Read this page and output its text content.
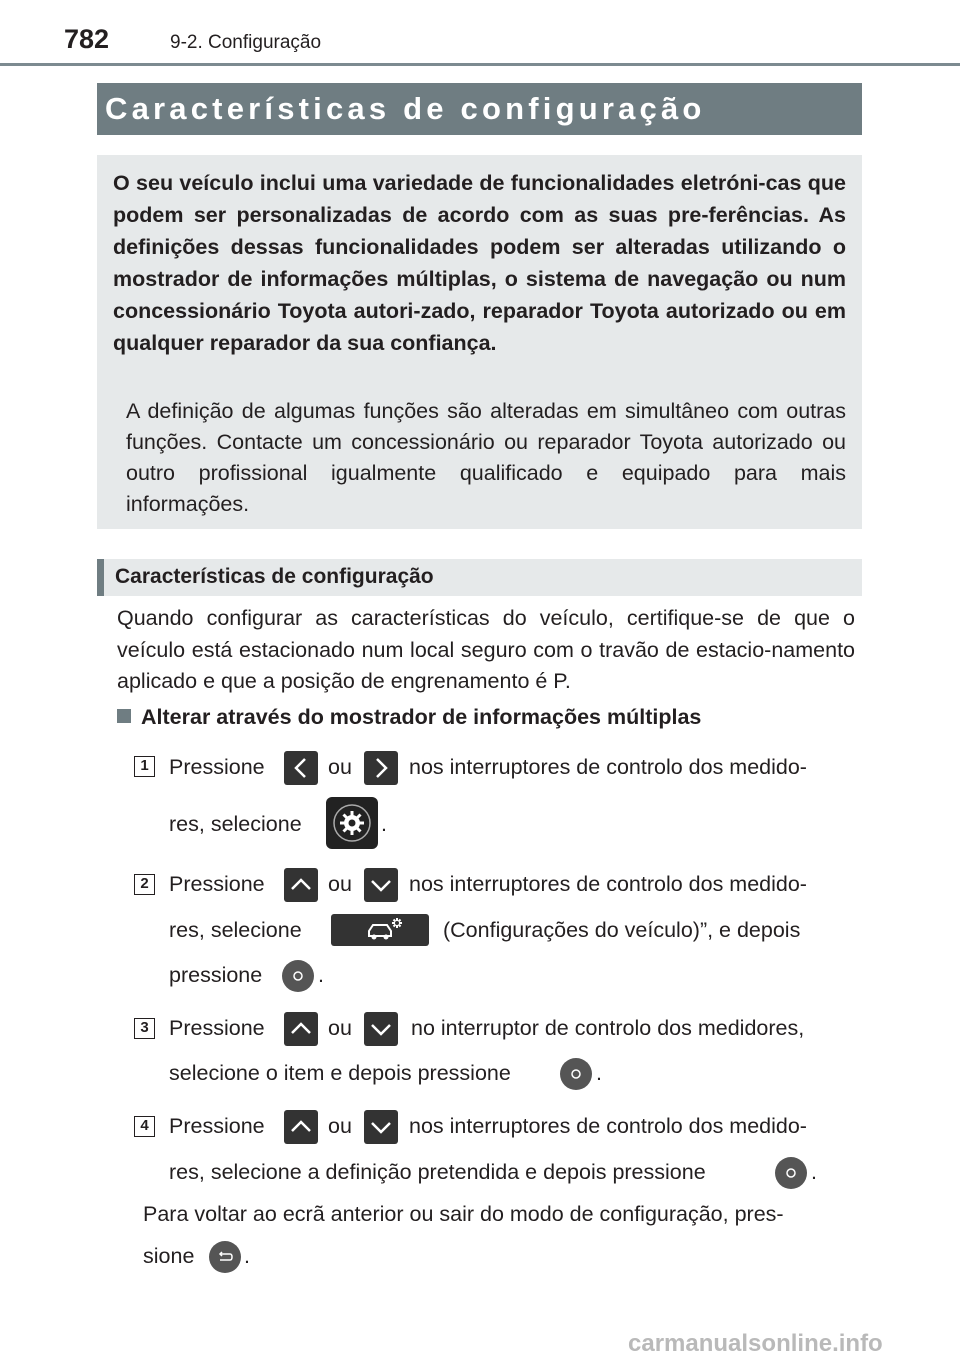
782	9-2. Configuração
Características de configuração
O seu veículo inclui uma variedade de funcionalidades eletróni-cas que podem ser personalizadas de acordo com as suas pre-ferências. As definições dessas funcionalidades podem ser alteradas utilizando o mostrador de informações múltiplas, o sistema de navegação ou num concessionário Toyota autori-zado, reparador Toyota autorizado ou em qualquer reparador da sua confiança.
A definição de algumas funções são alteradas em simultâneo com outras funções. Contacte um concessionário ou reparador Toyota autorizado ou outro profissional igualmente qualificado e equipado para mais informações.
Características de configuração
Quando configurar as características do veículo, certifique-se de que o veículo está estacionado num local seguro com o travão de estacio-namento aplicado e que a posição de engrenamento é P.
Alterar através do mostrador de informações múltiplas
1 Pressione	ou	nos interruptores de controlo dos medido-
res, selecione	.
2 Pressione	ou	nos interruptores de controlo dos medido-
res, selecione	(Configurações do veículo)”, e depois
pressione	.
3 Pressione	ou	no interruptor de controlo dos medidores,
selecione o item e depois pressione	.
4 Pressione	ou	nos interruptores de controlo dos medido-
res, selecione a definição pretendida e depois pressione	.
Para voltar ao ecrã anterior ou sair do modo de configuração, pres-
sione .
carmanualsonline.info
